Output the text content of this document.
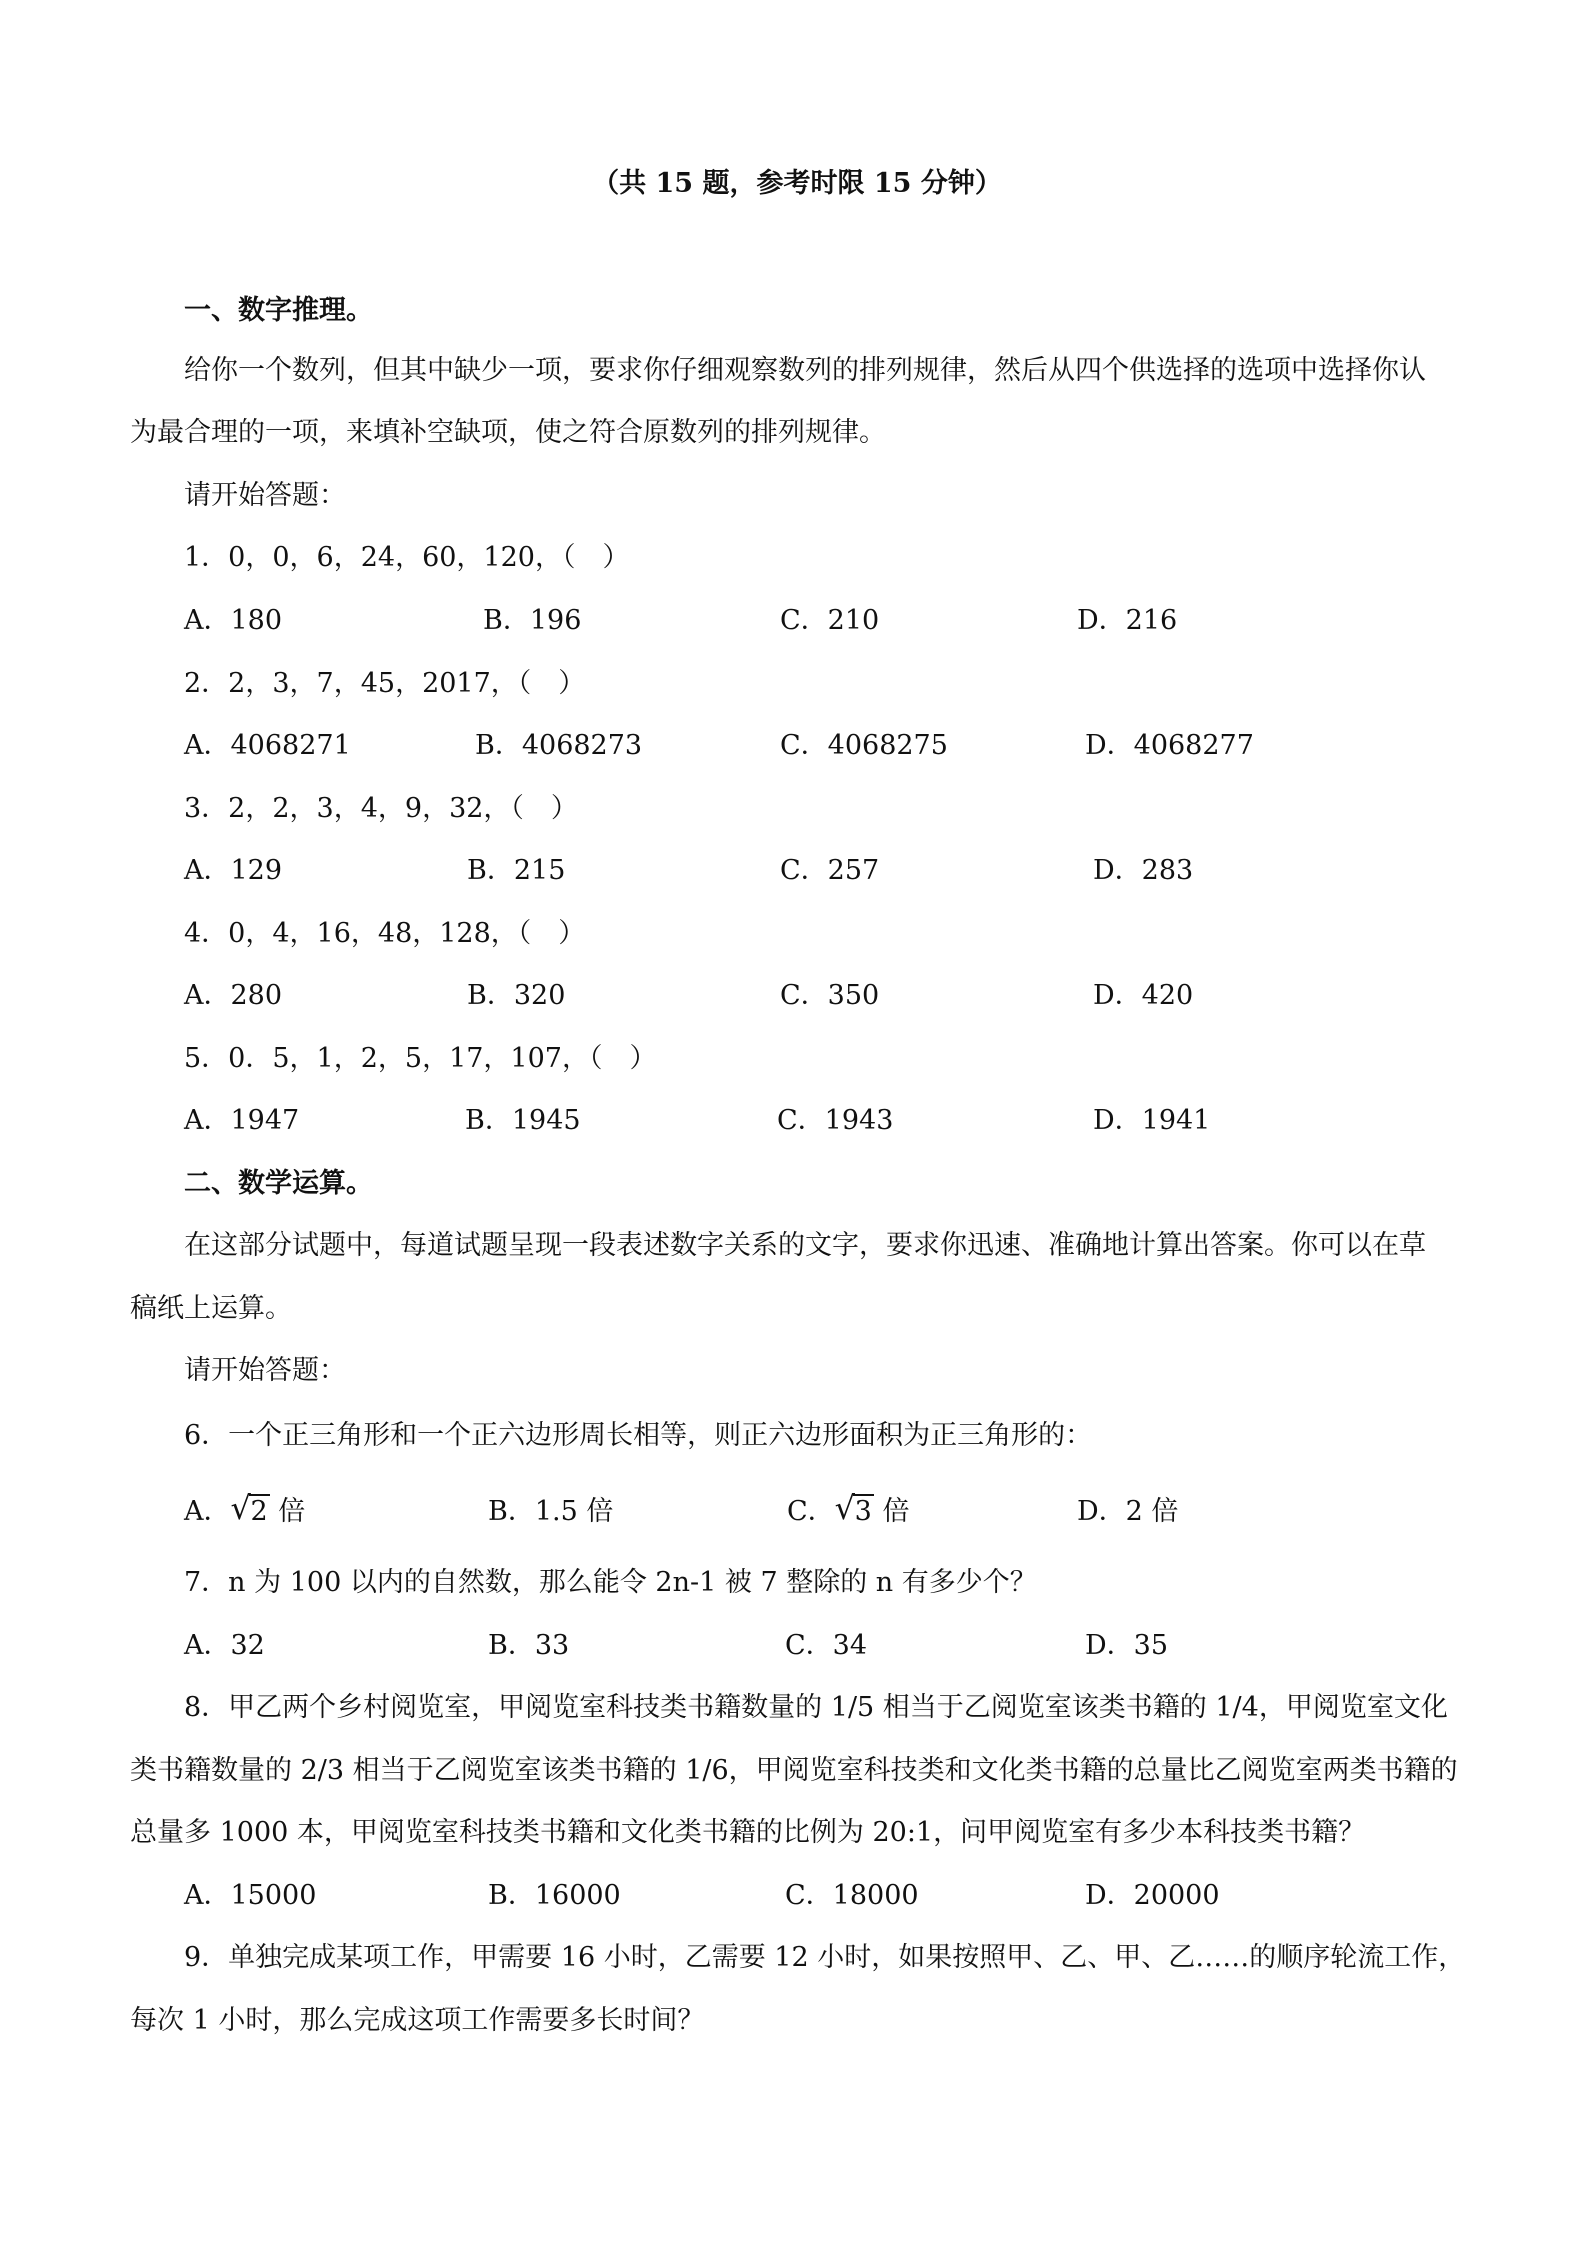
（共 15 题，参考时限 15 分钟）
一、数字推理。
给你一个数列，但其中缺少一项，要求你仔细观察数列的排列规律，然后从四个供选择的选项中选择你认
为最合理的一项，来填补空缺项，使之符合原数列的排列规律。
请开始答题：
1．0，0，6，24，60，120，（　）
A．180	B．196	C．210	D．216
2．2，3，7，45，2017，（　）
A．4068271	B．4068273	C．4068275	D．4068277
3．2，2，3，4，9，32，（　）
A．129	B．215	C．257	D．283
4．0，4，16，48，128，（　）
A．280	B．320	C．350	D．420
5．0．5，1，2，5，17，107，（　）
A．1947	B．1945	C．1943	D．1941
二、数学运算。
在这部分试题中，每道试题呈现一段表述数字关系的文字，要求你迅速、准确地计算出答案。你可以在草
稿纸上运算。
请开始答题：
6．一个正三角形和一个正六边形周长相等，则正六边形面积为正三角形的：
A． √ 2 倍	B．1.5 倍	C． √ 3 倍	D．2 倍
7．n 为 100 以内的自然数，那么能令 2n-1 被 7 整除的 n 有多少个？
A．32	B．33	C．34	D．35
8．甲乙两个乡村阅览室，甲阅览室科技类书籍数量的 1/5 相当于乙阅览室该类书籍的 1/4，甲阅览室文化
类书籍数量的 2/3 相当于乙阅览室该类书籍的 1/6，甲阅览室科技类和文化类书籍的总量比乙阅览室两类书籍的
总量多 1000 本，甲阅览室科技类书籍和文化类书籍的比例为 20:1，问甲阅览室有多少本科技类书籍？
A．15000	B．16000	C．18000	D．20000
9．单独完成某项工作，甲需要 16 小时，乙需要 12 小时，如果按照甲、乙、甲、乙……的顺序轮流工作，
每次 1 小时，那么完成这项工作需要多长时间？
